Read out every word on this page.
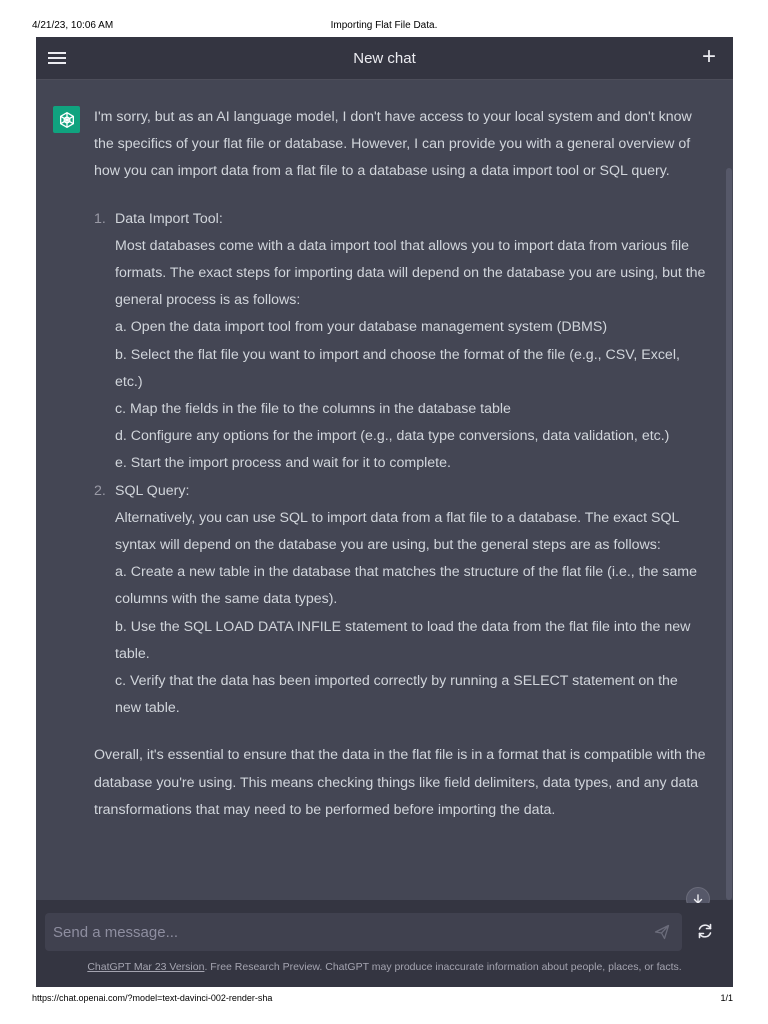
4/21/23, 10:06 AM	Importing Flat File Data.
New chat	+

I'm sorry, but as an AI language model, I don't have access to your local system and don't know the specifics of your flat file or database. However, I can provide you with a general overview of how you can import data from a flat file to a database using a data import tool or SQL query.

1. Data Import Tool:
Most databases come with a data import tool that allows you to import data from various file formats. The exact steps for importing data will depend on the database you are using, but the general process is as follows:
a. Open the data import tool from your database management system (DBMS)
b. Select the flat file you want to import and choose the format of the file (e.g., CSV, Excel, etc.)
c. Map the fields in the file to the columns in the database table
d. Configure any options for the import (e.g., data type conversions, data validation, etc.)
e. Start the import process and wait for it to complete.
2. SQL Query:
Alternatively, you can use SQL to import data from a flat file to a database. The exact SQL syntax will depend on the database you are using, but the general steps are as follows:
a. Create a new table in the database that matches the structure of the flat file (i.e., the same columns with the same data types).
b. Use the SQL LOAD DATA INFILE statement to load the data from the flat file into the new table.
c. Verify that the data has been imported correctly by running a SELECT statement on the new table.

Overall, it's essential to ensure that the data in the flat file is in a format that is compatible with the database you're using. This means checking things like field delimiters, data types, and any data transformations that may need to be performed before importing the data.

Send a message...
ChatGPT Mar 23 Version. Free Research Preview. ChatGPT may produce inaccurate information about people, places, or facts.
https://chat.openai.com/?model=text-davinci-002-render-sha	1/1
